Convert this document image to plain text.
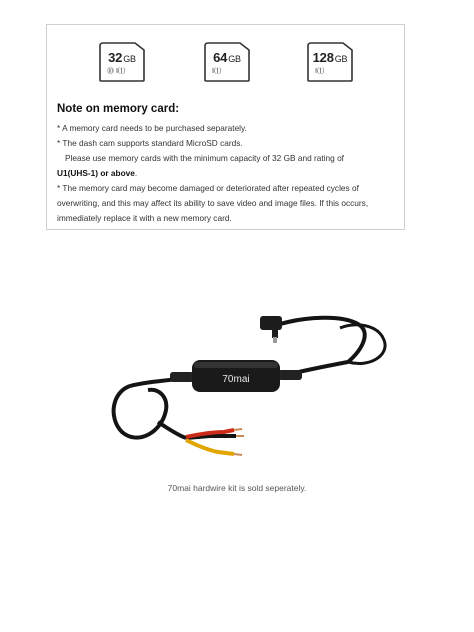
32GB
⓾ Ⅰ⑴
64GB
Ⅰ⑴
128GB
Ⅰ⑴
Note on memory card:

* A memory card needs to be purchased separately.

* The dash cam supports standard MicroSD cards.

Please use memory cards with the minimum capacity of 32 GB and rating of

U1(UHS-1) or above.

* The memory card may become damaged or deteriorated after repeated cycles of

overwriting, and this may affect its ability to save video and image files. If this occurs,

immediately replace it with a new memory card.

70mai
70mai hardwire kit is sold seperately.
